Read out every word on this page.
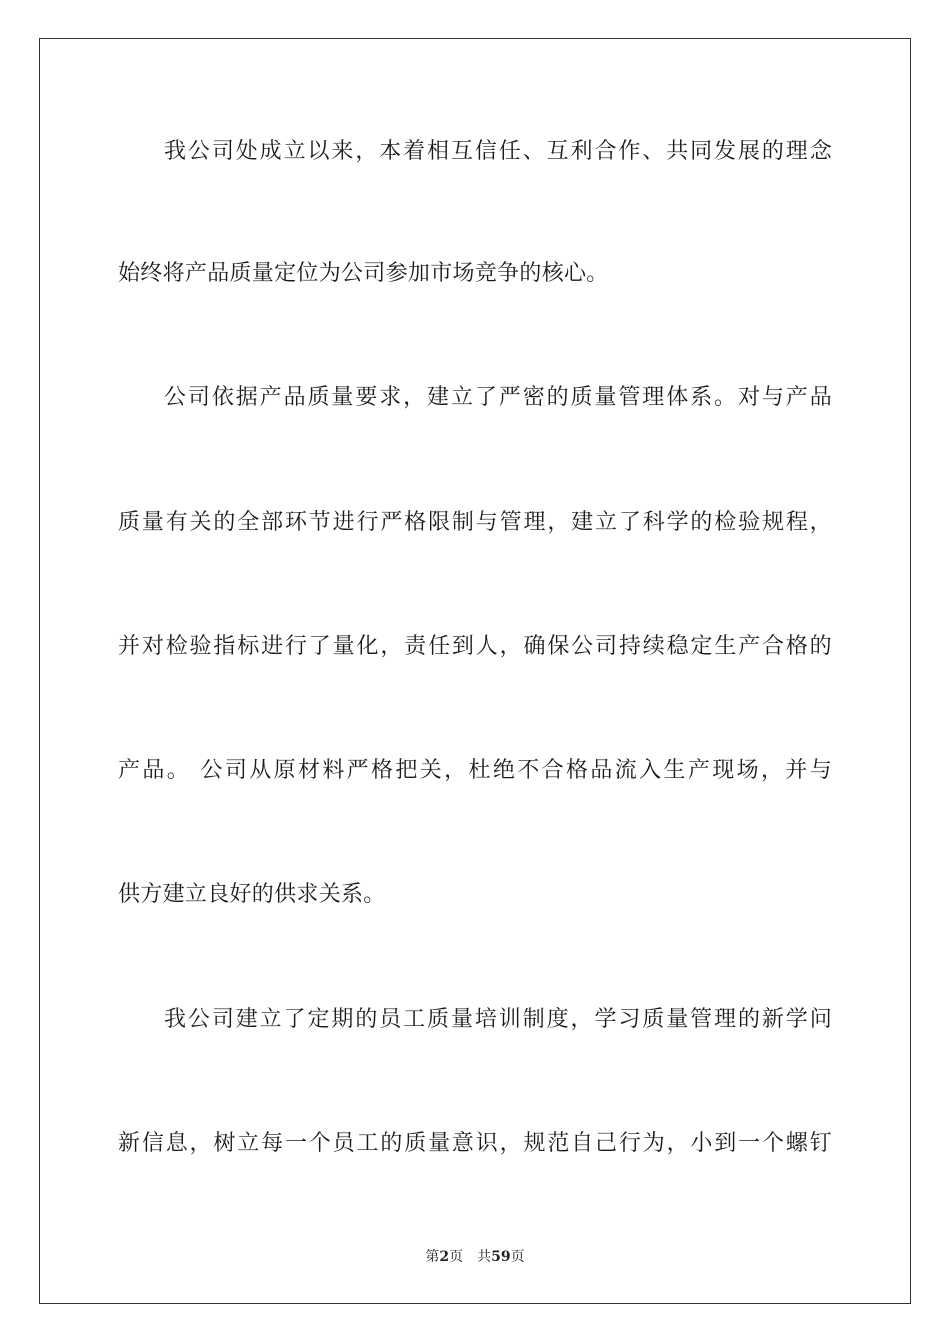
我公司处成立以来，本着相互信任、互利合作、共同发展的理念
始终将产品质量定位为公司参加市场竞争的核心。
公司依据产品质量要求，建立了严密的质量管理体系。对与产品
质量有关的全部环节进行严格限制与管理，建立了科学的检验规程，
并对检验指标进行了量化，责任到人，确保公司持续稳定生产合格的
产品。 公司从原材料严格把关，杜绝不合格品流入生产现场，并与
供方建立良好的供求关系。
我公司建立了定期的员工质量培训制度，学习质量管理的新学问
新信息，树立每一个员工的质量意识，规范自己行为，小到一个螺钉
第2页 共59页
